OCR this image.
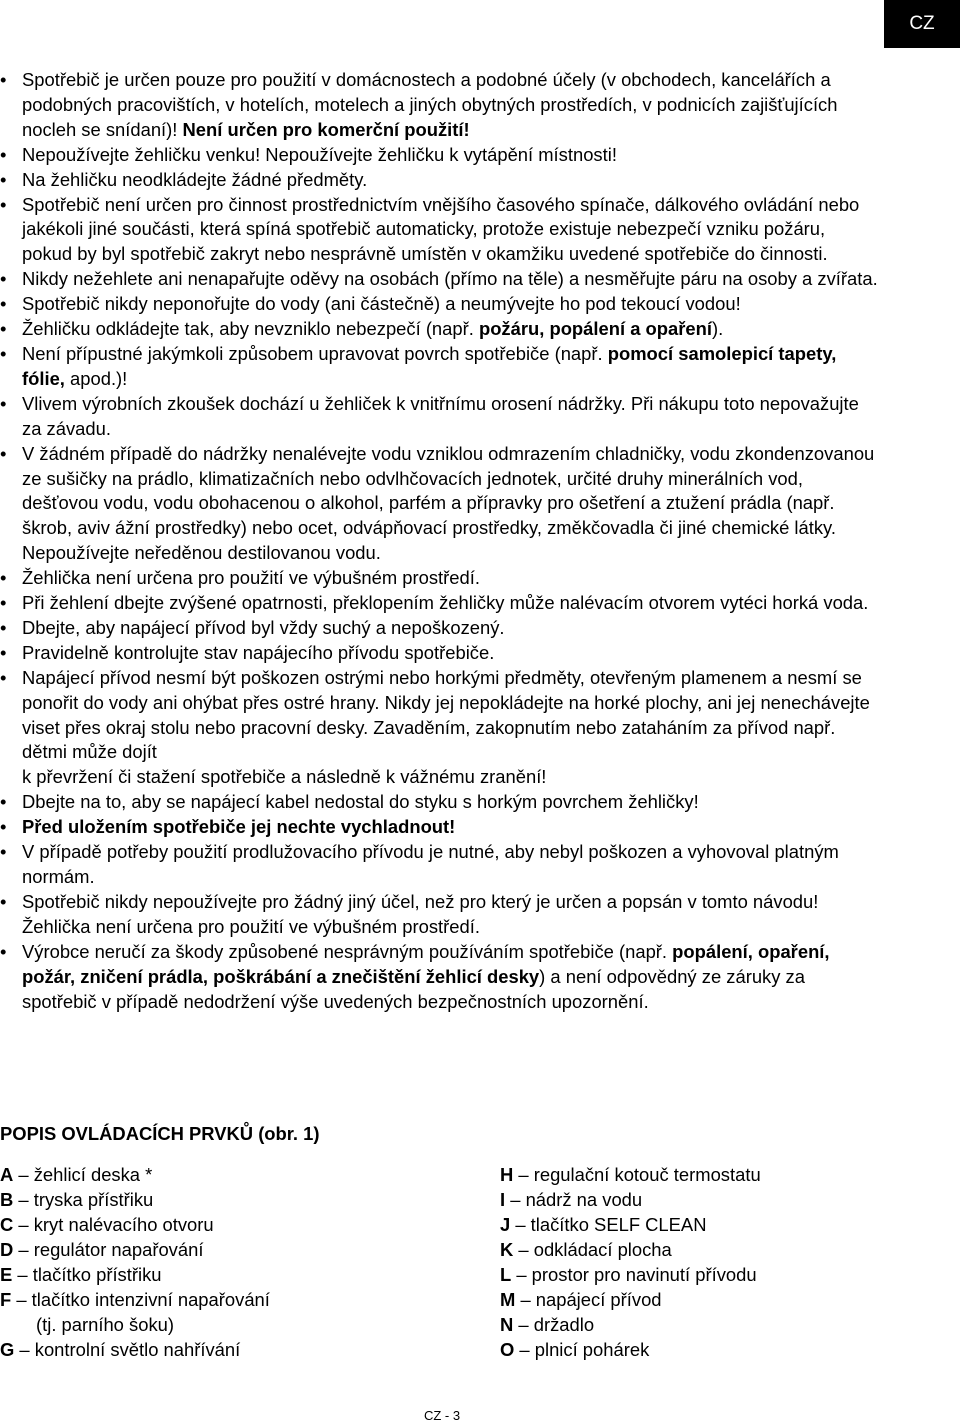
CZ
• Spotřebič je určen pouze pro použití v domácnostech a podobné účely (v obchodech, kancelářích a podobných pracovištích, v hotelích, motelech a jiných obytných prostředích, v podnicích zajišťujících nocleh se snídaní)! Není určen pro komerční použití!
• Nepoužívejte žehličku venku! Nepoužívejte žehličku k vytápění místnosti!
• Na žehličku neodkládejte žádné předměty.
• Spotřebič není určen pro činnost prostřednictvím vnějšího časového spínače, dálkového ovládání nebo jakékoli jiné součásti, která spíná spotřebič automaticky, protože existuje nebezpečí vzniku požáru, pokud by byl spotřebič zakryt nebo nesprávně umístěn v okamžiku uvedené spotřebiče do činnosti.
• Nikdy nežehlete ani nenapařujte oděvy na osobách (přímo na těle) a nesměřujte páru na osoby a zvířata.
• Spotřebič nikdy neponořujte do vody (ani částečně) a neumývejte ho pod tekoucí vodou!
• Žehličku odkládejte tak, aby nevzniklo nebezpečí (např. požáru, popálení a opaření).
• Není přípustné jakýmkoli způsobem upravovat povrch spotřebiče (např. pomocí samolepicí tapety, fólie, apod.)!
• Vlivem výrobních zkoušek dochází u žehliček k vnitřnímu orosení nádržky. Při nákupu toto nepovažujte za závadu.
• V žádném případě do nádržky nenalévejte vodu vzniklou odmrazením chladničky, vodu zkondenzovanou ze sušičky na prádlo, klimatizačních nebo odvlhčovacích jednotek, určité druhy minerálních vod, dešťovou vodu, vodu obohacenou o alkohol, parfém a přípravky pro ošetření a ztužení prádla (např. škrob, aviv ážní prostředky) nebo ocet, odvápňovací prostředky, změkčovadla či jiné chemické látky. Nepoužívejte neředěnou destilovanou vodu.
• Žehlička není určena pro použití ve výbušném prostředí.
• Při žehlení dbejte zvýšené opatrnosti, překlopením žehličky může nalévacím otvorem vytéci horká voda.
• Dbejte, aby napájecí přívod byl vždy suchý a nepoškozený.
• Pravidelně kontrolujte stav napájecího přívodu spotřebiče.
• Napájecí přívod nesmí být poškozen ostrými nebo horkými předměty, otevřeným plamenem a nesmí se ponořit do vody ani ohýbat přes ostré hrany. Nikdy jej nepokládejte na horké plochy, ani jej nenechávejte viset přes okraj stolu nebo pracovní desky. Zavaděním, zakopnutím nebo zataháním za přívod např. dětmi může dojít
k převržení či stažení spotřebiče a následně k vážnému zranění!
• Dbejte na to, aby se napájecí kabel nedostal do styku s horkým povrchem žehličky!
• Před uložením spotřebiče jej nechte vychladnout!
• V případě potřeby použití prodlužovacího přívodu je nutné, aby nebyl poškozen a vyhovoval platným normám.
• Spotřebič nikdy nepoužívejte pro žádný jiný účel, než pro který je určen a popsán v tomto návodu! Žehlička není určena pro použití ve výbušném prostředí.
• Výrobce neručí za škody způsobené nesprávným používáním spotřebiče (např. popálení, opaření, požár, zničení prádla, poškrábání a znečištění žehlicí desky) a není odpovědný ze záruky za spotřebič v případě nedodržení výše uvedených bezpečnostních upozornění.
POPIS OVLÁDACÍCH PRVKŮ (obr. 1)
A – žehlicí deska *
B – tryska přístřiku
C – kryt nalévacího otvoru
D – regulátor napařování
E – tlačítko přístřiku
F – tlačítko intenzivní napařování
(tj. parního šoku)
G – kontrolní světlo nahřívání
H – regulační kotouč termostatu
I – nádrž na vodu
J – tlačítko SELF CLEAN
K – odkládací plocha
L – prostor pro navinutí přívodu
M – napájecí přívod
N – držadlo
O – plnicí pohárek
CZ - 3
